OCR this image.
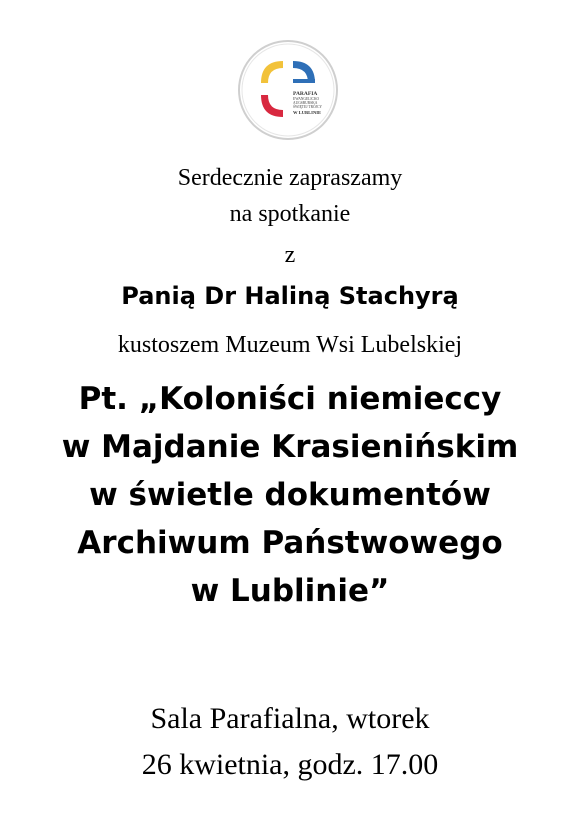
PARAFIA
EWANGELICKO
AUGSBURSKA
ŚWIĘTEJ TRÓJCY
W LUBLINIE
Serdecznie zapraszamy
na spotkanie
z
Panią Dr Haliną Stachyrą
kustoszem Muzeum Wsi Lubelskiej
Pt. „Koloniści niemieccy
w Majdanie Krasienińskim
w świetle dokumentów
Archiwum Państwowego
w Lublinie”
Sala Parafialna, wtorek
26 kwietnia, godz. 17.00
